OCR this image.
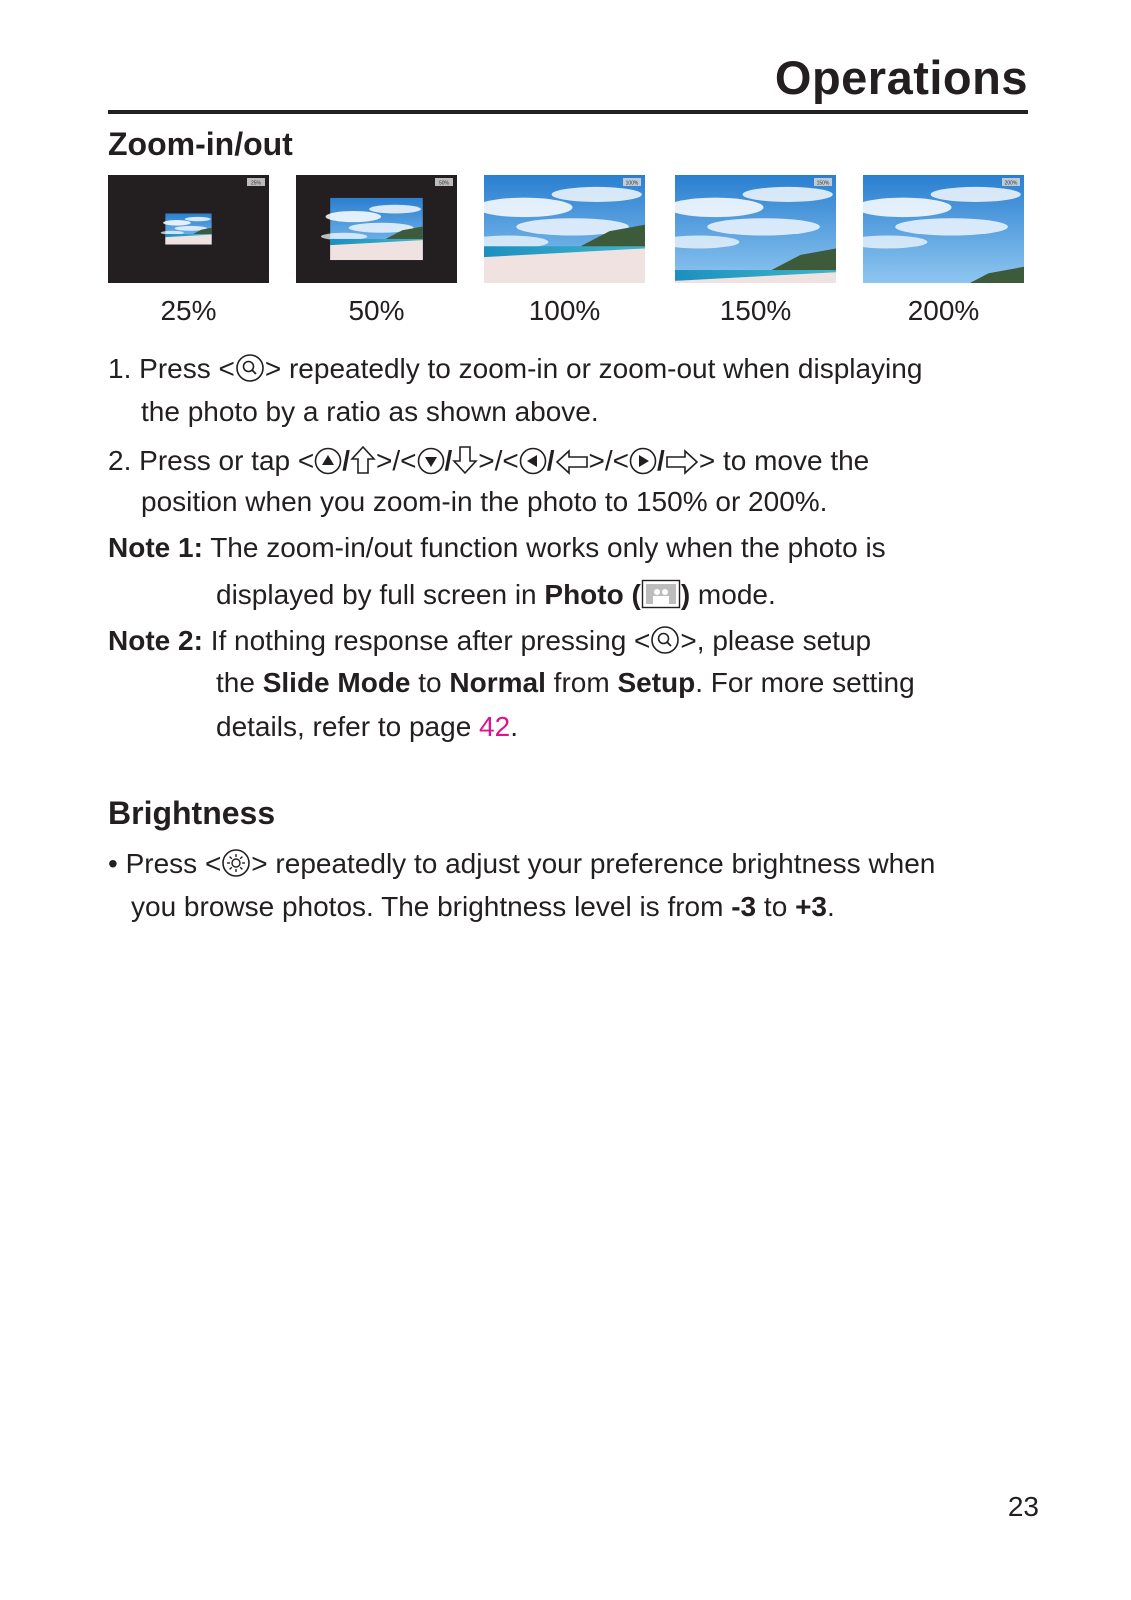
Operations
Zoom-in/out
25%
25%
50%
50%
100%
100%
150%
150%
200%
200%
1. Press < > repeatedly to zoom-in or zoom-out when displaying
the photo by a ratio as shown above.
2. Press or tap < / >/< / >/< / >/< / > to move the
position when you zoom-in the photo to 150% or 200%.
Note 1: The zoom-in/out function works only when the photo is
displayed by full screen in Photo ( ) mode.
Note 2: If nothing response after pressing < >, please setup
the Slide Mode to Normal from Setup. For more setting
details, refer to page 42.
Brightness
• Press < > repeatedly to adjust your preference brightness when
you browse photos. The brightness level is from -3 to +3.
23
